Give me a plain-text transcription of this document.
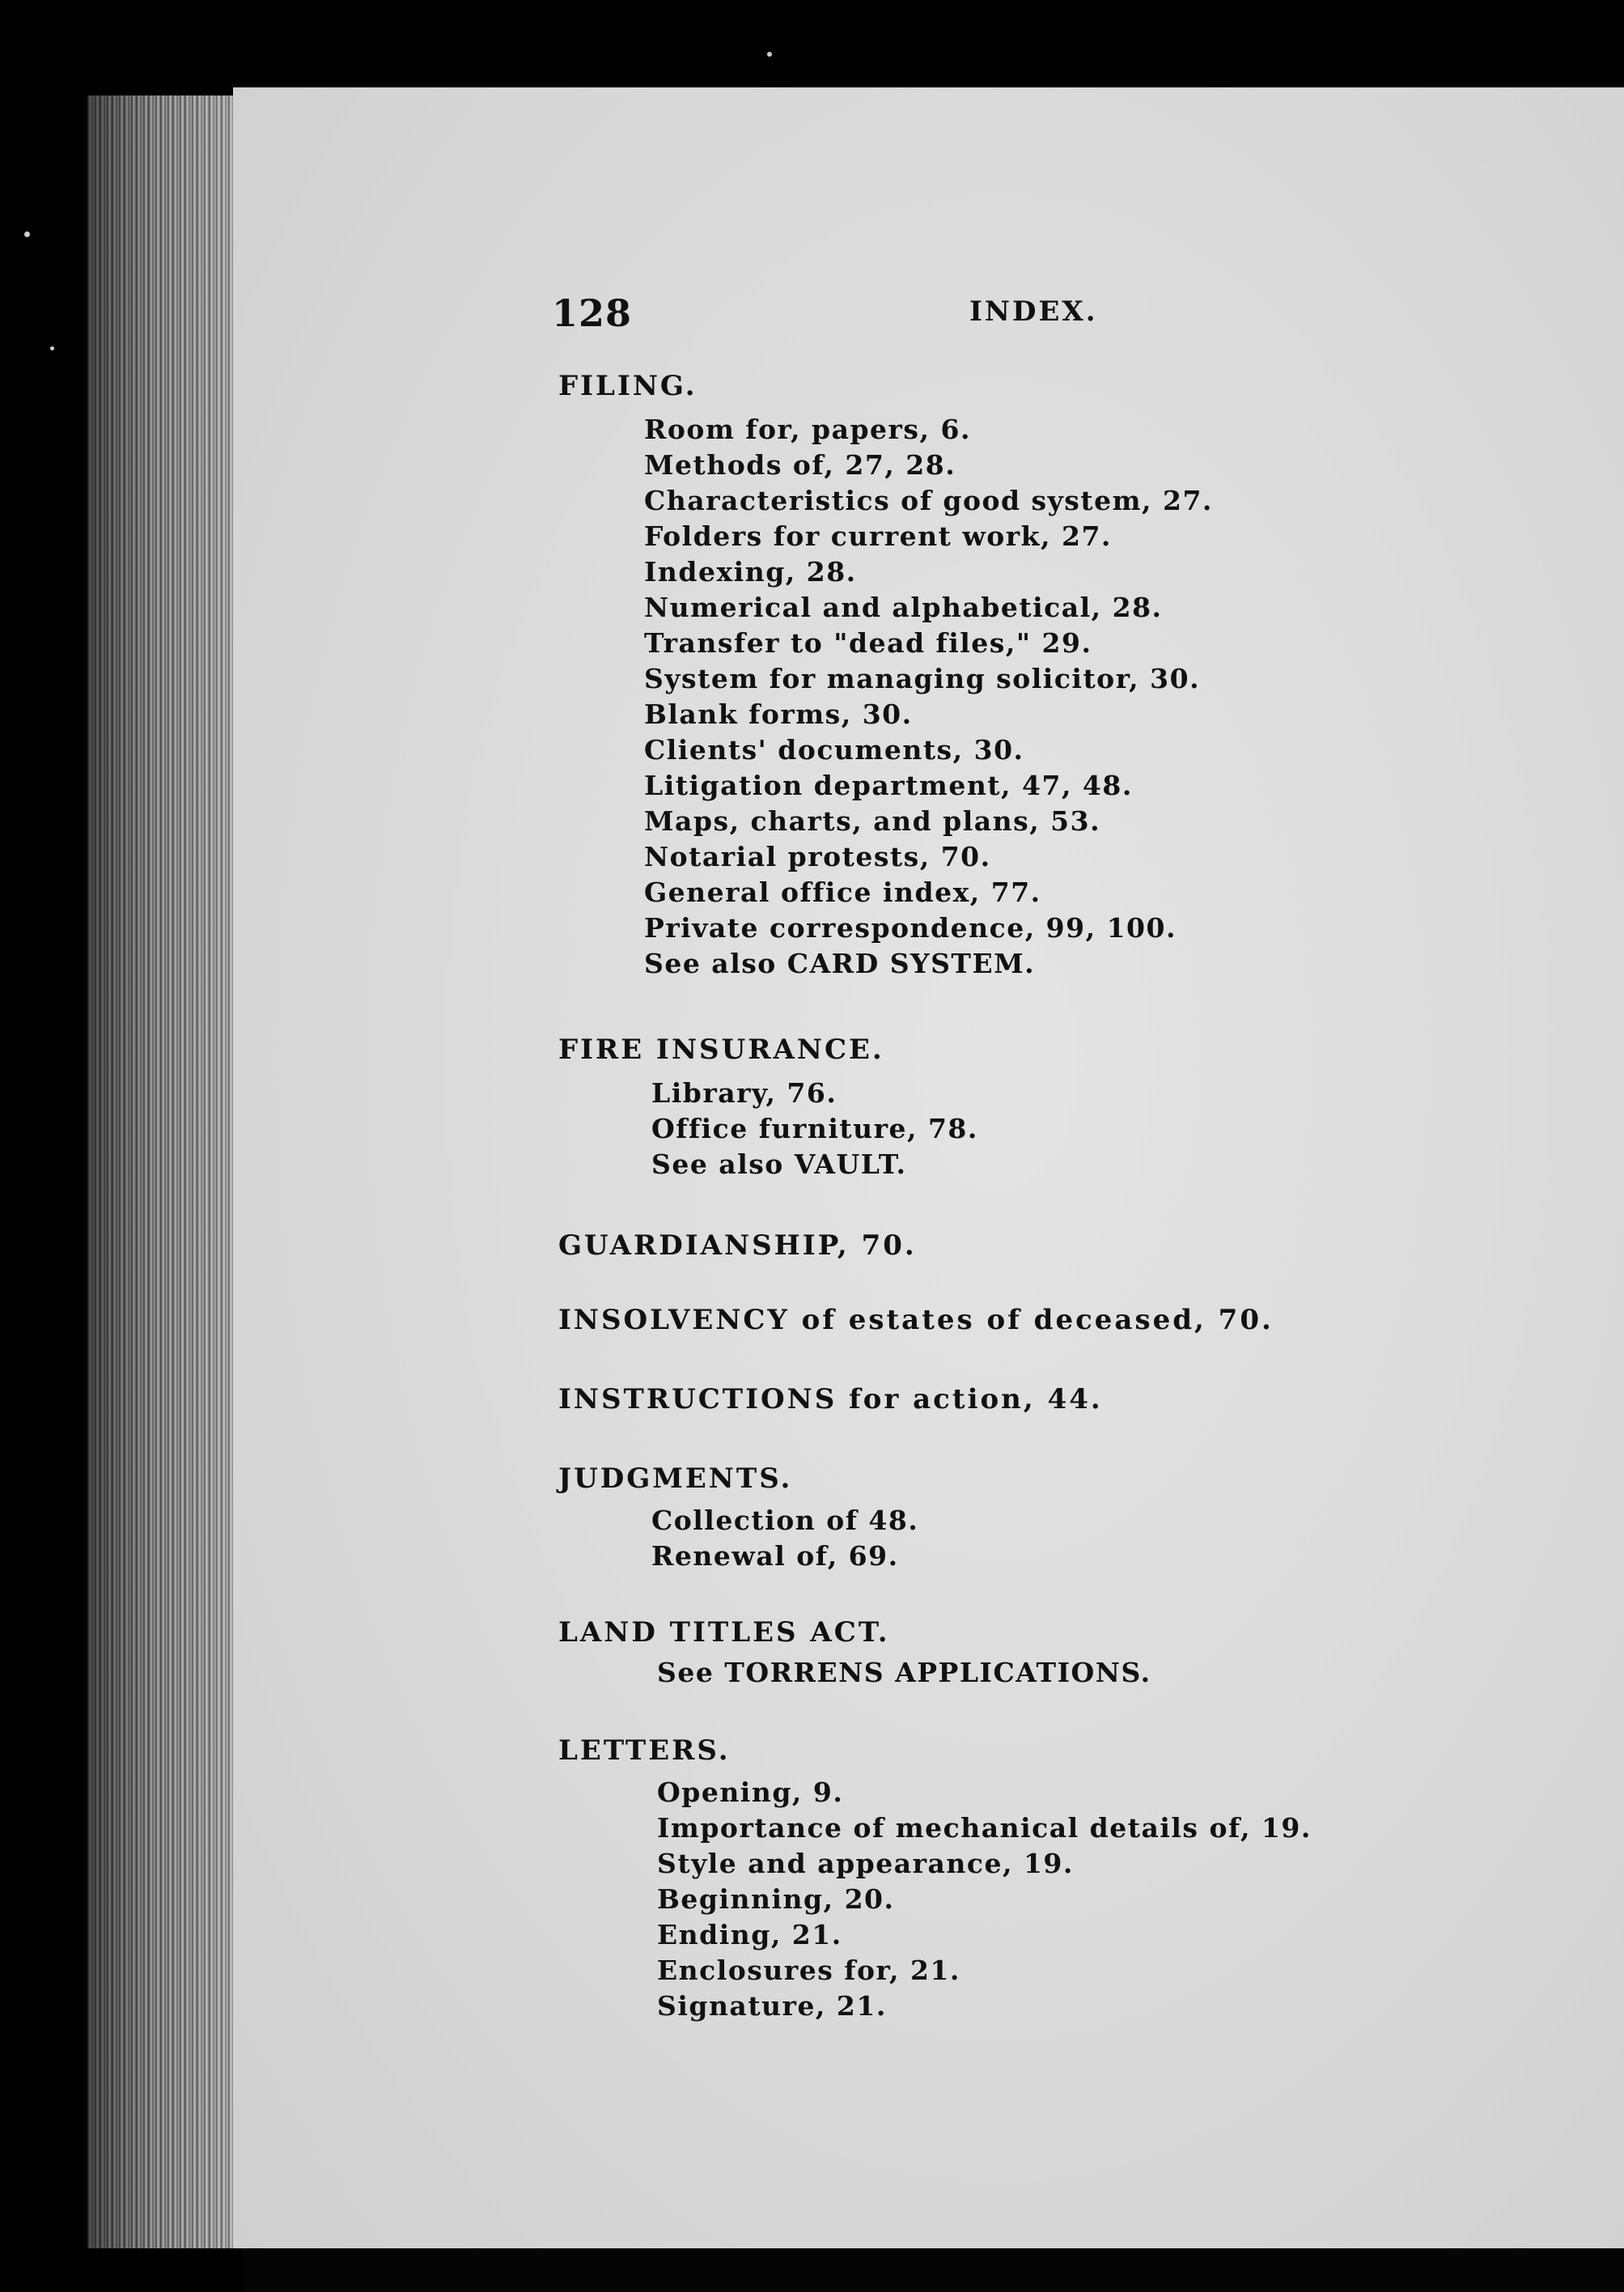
128	INDEX.
FILING.
Room for, papers, 6.
Methods of, 27, 28.
Characteristics of good system, 27.
Folders for current work, 27.
Indexing, 28.
Numerical and alphabetical, 28.
Transfer to "dead files," 29.
System for managing solicitor, 30.
Blank forms, 30.
Clients' documents, 30.
Litigation department, 47, 48.
Maps, charts, and plans, 53.
Notarial protests, 70.
General office index, 77.
Private correspondence, 99, 100.
See also CARD SYSTEM.
FIRE INSURANCE.
Library, 76.
Office furniture, 78.
See also VAULT.
GUARDIANSHIP, 70.
INSOLVENCY of estates of deceased, 70.
INSTRUCTIONS for action, 44.
JUDGMENTS.
Collection of 48.
Renewal of, 69.
LAND TITLES ACT.
See TORRENS APPLICATIONS.
LETTERS.
Opening, 9.
Importance of mechanical details of, 19.
Style and appearance, 19.
Beginning, 20.
Ending, 21.
Enclosures for, 21.
Signature, 21.
